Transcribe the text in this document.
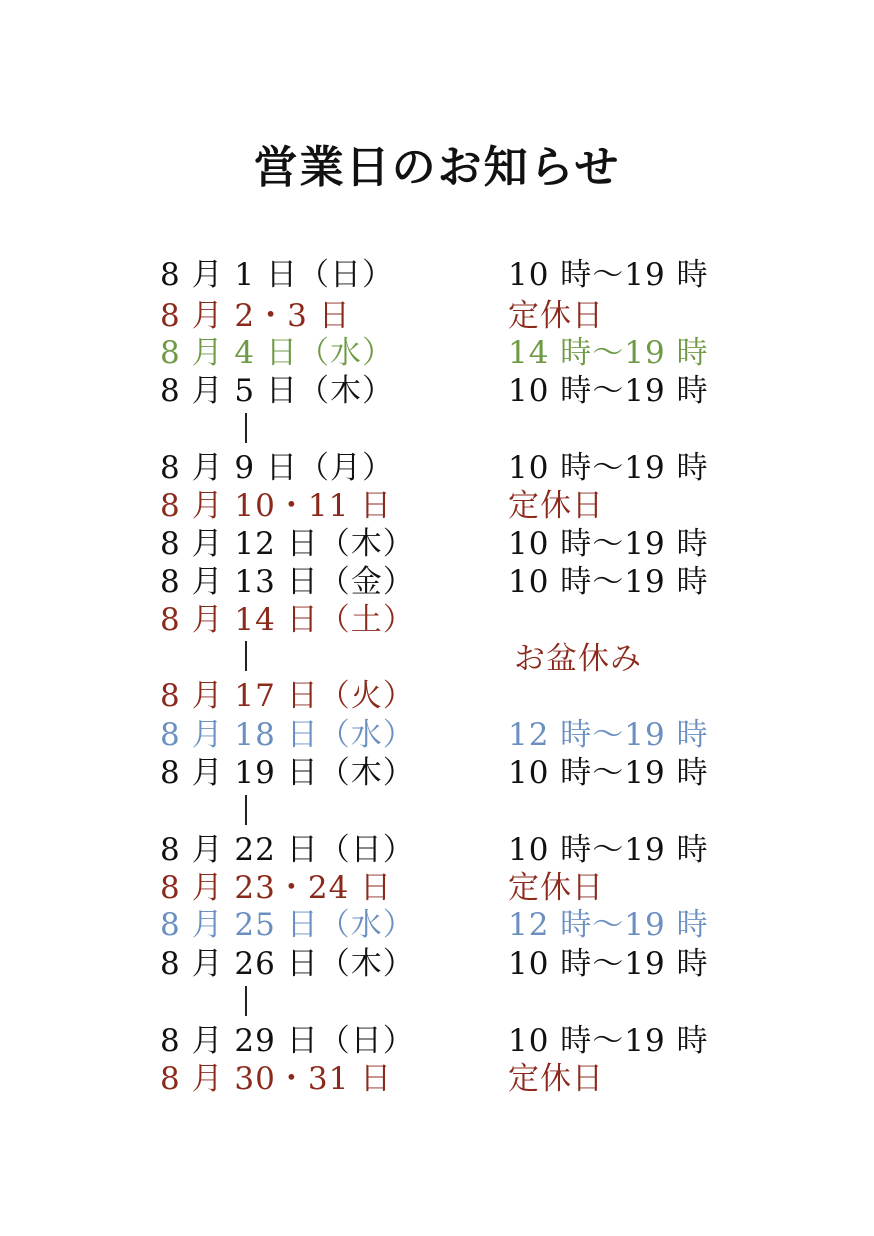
営業日のお知らせ
8 月 1 日（日）	10 時〜19 時
8 月 2・3 日	定休日
8 月 4 日（水）	14 時〜19 時
8 月 5 日（木）	10 時〜19 時
8 月 9 日（月）	10 時〜19 時
8 月 10・11 日	定休日
8 月 12 日（木）	10 時〜19 時
8 月 13 日（金）	10 時〜19 時
8 月 14 日（土）
お盆休み
8 月 17 日（火）
8 月 18 日（水）	12 時〜19 時
8 月 19 日（木）	10 時〜19 時
8 月 22 日（日）	10 時〜19 時
8 月 23・24 日	定休日
8 月 25 日（水）	12 時〜19 時
8 月 26 日（木）	10 時〜19 時
8 月 29 日（日）	10 時〜19 時
8 月 30・31 日	定休日
